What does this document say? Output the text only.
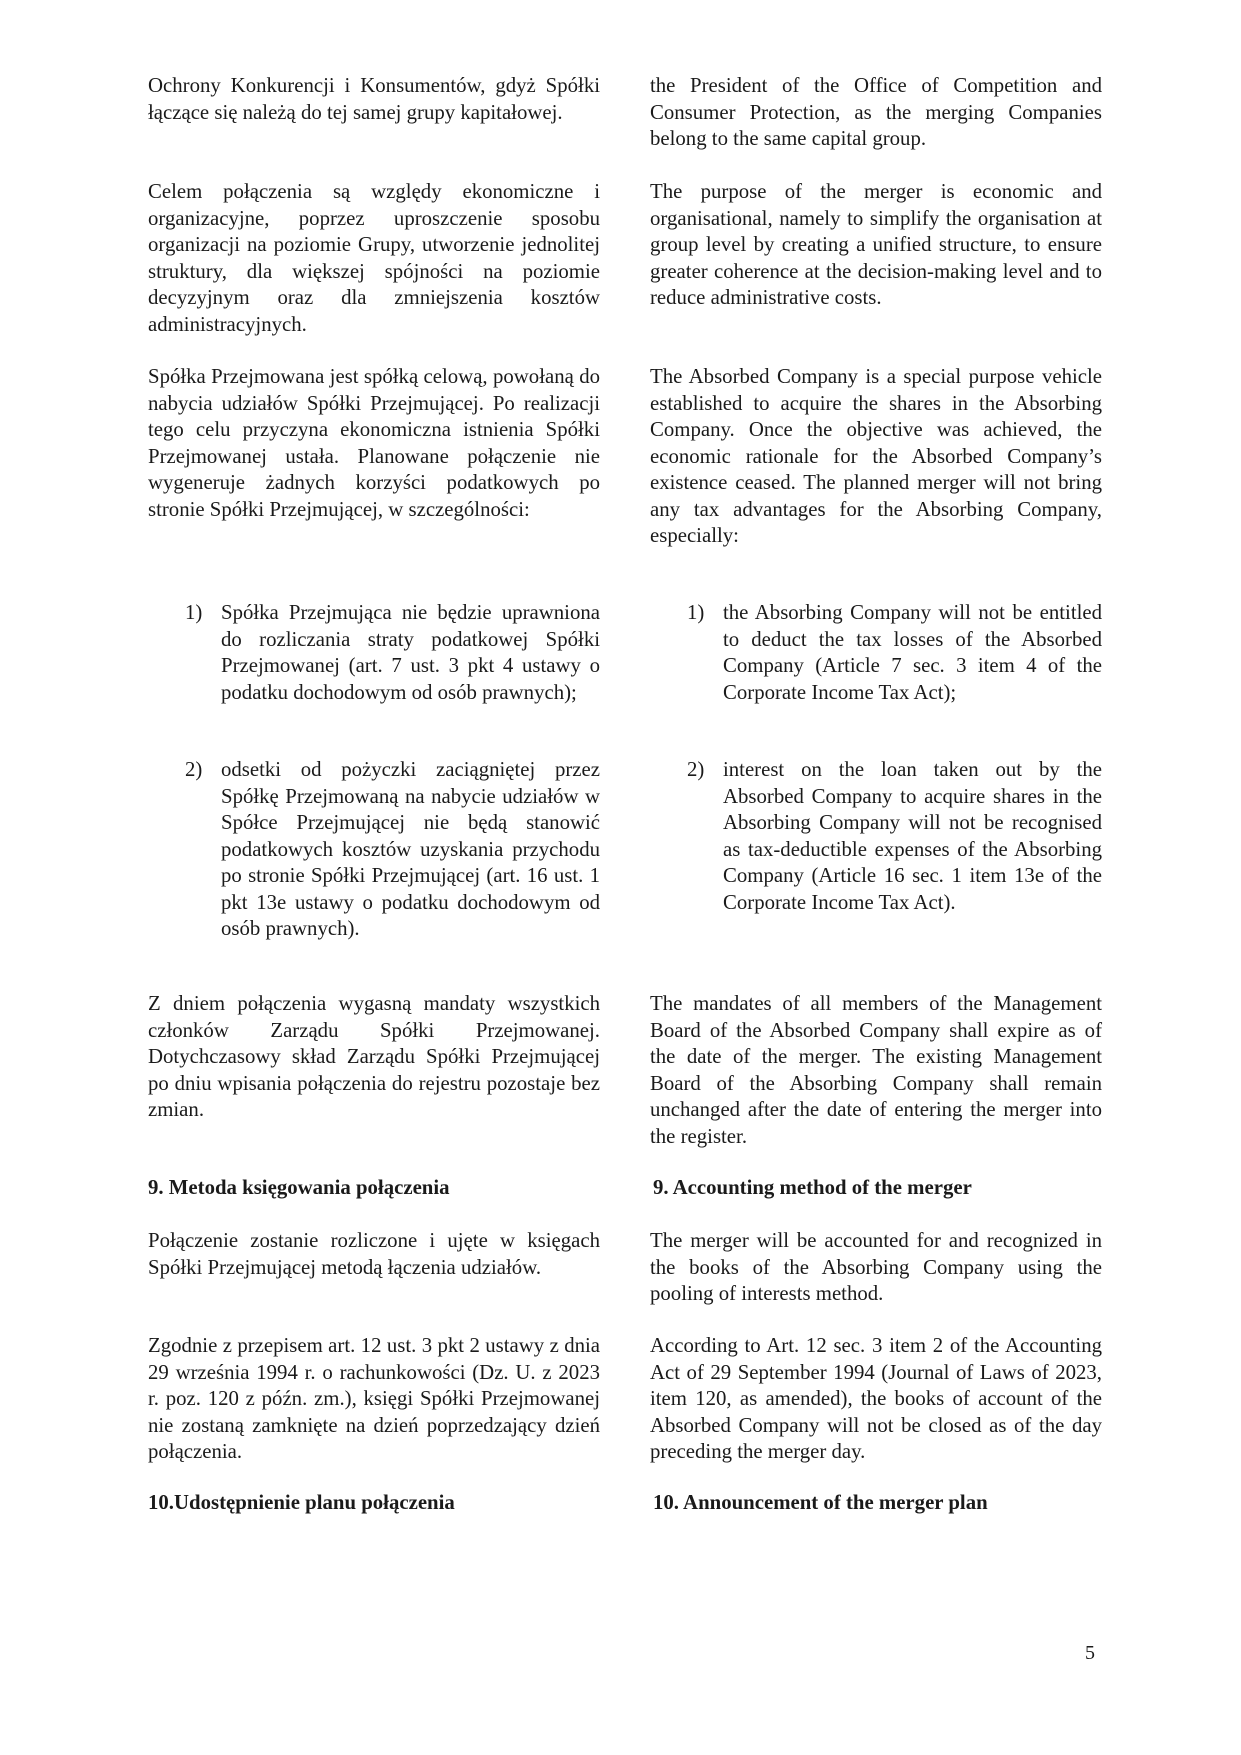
Ochrony Konkurencji i Konsumentów, gdyż Spółki łączące się należą do tej samej grupy kapitałowej.

Celem połączenia są względy ekonomiczne i organizacyjne, poprzez uproszczenie sposobu organizacji na poziomie Grupy, utworzenie jednolitej struktury, dla większej spójności na poziomie decyzyjnym oraz dla zmniejszenia kosztów administracyjnych.

Spółka Przejmowana jest spółką celową, powołaną do nabycia udziałów Spółki Przejmującej. Po realizacji tego celu przyczyna ekonomiczna istnienia Spółki Przejmowanej ustała. Planowane połączenie nie wygeneruje żadnych korzyści podatkowych po stronie Spółki Przejmującej, w szczególności:

1) Spółka Przejmująca nie będzie uprawniona do rozliczania straty podatkowej Spółki Przejmowanej (art. 7 ust. 3 pkt 4 ustawy o podatku dochodowym od osób prawnych);

2) odsetki od pożyczki zaciągniętej przez Spółkę Przejmowaną na nabycie udziałów w Spółce Przejmującej nie będą stanowić podatkowych kosztów uzyskania przychodu po stronie Spółki Przejmującej (art. 16 ust. 1 pkt 13e ustawy o podatku dochodowym od osób prawnych).

Z dniem połączenia wygasną mandaty wszystkich członków Zarządu Spółki Przejmowanej. Dotychczasowy skład Zarządu Spółki Przejmującej po dniu wpisania połączenia do rejestru pozostaje bez zmian.

9. Metoda księgowania połączenia

Połączenie zostanie rozliczone i ujęte w księgach Spółki Przejmującej metodą łączenia udziałów.

Zgodnie z przepisem art. 12 ust. 3 pkt 2 ustawy z dnia 29 września 1994 r. o rachunkowości (Dz. U. z 2023 r. poz. 120 z późn. zm.), księgi Spółki Przejmowanej nie zostaną zamknięte na dzień poprzedzający dzień połączenia.

10.Udostępnienie planu połączenia

the President of the Office of Competition and Consumer Protection, as the merging Companies belong to the same capital group.

The purpose of the merger is economic and organisational, namely to simplify the organisation at group level by creating a unified structure, to ensure greater coherence at the decision-making level and to reduce administrative costs.

The Absorbed Company is a special purpose vehicle established to acquire the shares in the Absorbing Company. Once the objective was achieved, the economic rationale for the Absorbed Company’s existence ceased. The planned merger will not bring any tax advantages for the Absorbing Company, especially:

1) the Absorbing Company will not be entitled to deduct the tax losses of the Absorbed Company (Article 7 sec. 3 item 4 of the Corporate Income Tax Act);

2) interest on the loan taken out by the Absorbed Company to acquire shares in the Absorbing Company will not be recognised as tax-deductible expenses of the Absorbing Company (Article 16 sec. 1 item 13e of the Corporate Income Tax Act).

The mandates of all members of the Management Board of the Absorbed Company shall expire as of the date of the merger. The existing Management Board of the Absorbing Company shall remain unchanged after the date of entering the merger into the register.

9. Accounting method of the merger

The merger will be accounted for and recognized in the books of the Absorbing Company using the pooling of interests method.

According to Art. 12 sec. 3 item 2 of the Accounting Act of 29 September 1994 (Journal of Laws of 2023, item 120, as amended), the books of account of the Absorbed Company will not be closed as of the day preceding the merger day.

10. Announcement of the merger plan

5
